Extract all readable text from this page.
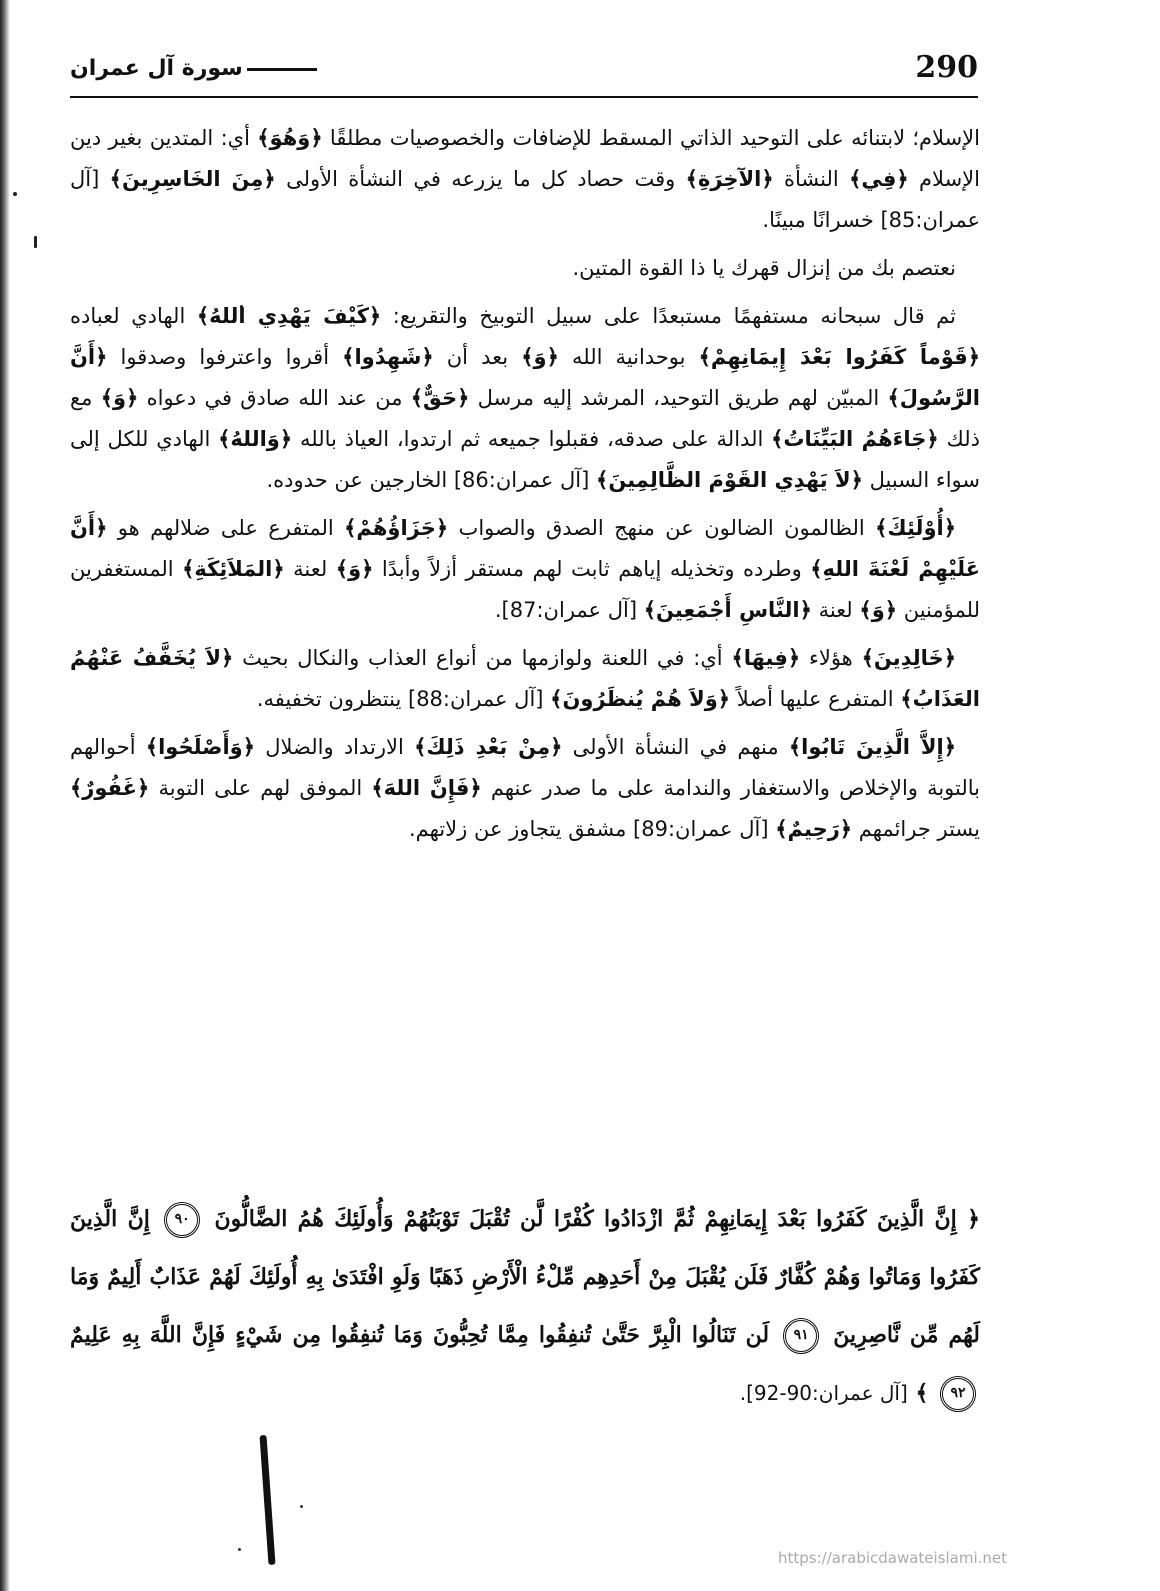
سورة آل عمران	290

الإسلام؛ لابتنائه على التوحيد الذاتي المسقط للإضافات والخصوصيات مطلقًا ﴿وَهُوَ﴾ أي: المتدين بغير دين الإسلام ﴿فِي﴾ النشأة ﴿الآخِرَةِ﴾ وقت حصاد كل ما يزرعه في النشأة الأولى ﴿مِنَ الخَاسِرِينَ﴾ [آل عمران:85] خسرانًا مبينًا.

نعتصم بك من إنزال قهرك يا ذا القوة المتين.

ثم قال سبحانه مستفهمًا مستبعدًا على سبيل التوبيخ والتقريع: ﴿كَيْفَ يَهْدِي اللهُ﴾ الهادي لعباده ﴿قَوْماً كَفَرُوا بَعْدَ إِيمَانِهِمْ﴾ بوحدانية الله ﴿وَ﴾ بعد أن ﴿شَهِدُوا﴾ أقروا واعترفوا وصدقوا ﴿أَنَّ الرَّسُولَ﴾ المبيّن لهم طريق التوحيد، المرشد إليه مرسل ﴿حَقٌّ﴾ من عند الله صادق في دعواه ﴿وَ﴾ مع ذلك ﴿جَاءَهُمُ البَيِّنَاتُ﴾ الدالة على صدقه، فقبلوا جميعه ثم ارتدوا، العياذ بالله ﴿وَاللهُ﴾ الهادي للكل إلى سواء السبيل ﴿لاَ يَهْدِي القَوْمَ الظَّالِمِينَ﴾ [آل عمران:86] الخارجين عن حدوده.

﴿أُوْلَئِكَ﴾ الظالمون الضالون عن منهج الصدق والصواب ﴿جَزَاؤُهُمْ﴾ المتفرع على ضلالهم هو ﴿أَنَّ عَلَيْهِمْ لَعْنَةَ اللهِ﴾ وطرده وتخذيله إياهم ثابت لهم مستقر أزلاً وأبدًا ﴿وَ﴾ لعنة ﴿المَلاَئِكَةِ﴾ المستغفرين للمؤمنين ﴿وَ﴾ لعنة ﴿النَّاسِ أَجْمَعِينَ﴾ [آل عمران:87].

﴿خَالِدِينَ﴾ هؤلاء ﴿فِيهَا﴾ أي: في اللعنة ولوازمها من أنواع العذاب والنكال بحيث ﴿لاَ يُخَفَّفُ عَنْهُمُ العَذَابُ﴾ المتفرع عليها أصلاً ﴿وَلاَ هُمْ يُنظَرُونَ﴾ [آل عمران:88] ينتظرون تخفيفه.

﴿إِلاَّ الَّذِينَ تَابُوا﴾ منهم في النشأة الأولى ﴿مِنْ بَعْدِ ذَلِكَ﴾ الارتداد والضلال ﴿وَأَصْلَحُوا﴾ أحوالهم بالتوبة والإخلاص والاستغفار والندامة على ما صدر عنهم ﴿فَإِنَّ اللهَ﴾ الموفق لهم على التوبة ﴿غَفُورٌ﴾ يستر جرائمهم ﴿رَحِيمٌ﴾ [آل عمران:89] مشفق يتجاوز عن زلاتهم.

﴿ إِنَّ الَّذِينَ كَفَرُوا بَعْدَ إِيمَانِهِمْ ثُمَّ ازْدَادُوا كُفْرًا لَّن تُقْبَلَ تَوْبَتُهُمْ وَأُولَئِكَ هُمُ الضَّالُّونَ ٩٠ إِنَّ الَّذِينَ كَفَرُوا وَمَاتُوا وَهُمْ كُفَّارٌ فَلَن يُقْبَلَ مِنْ أَحَدِهِم مِّلْءُ الْأَرْضِ ذَهَبًا وَلَوِ افْتَدَىٰ بِهِ أُولَئِكَ لَهُمْ عَذَابٌ أَلِيمٌ وَمَا لَهُم مِّن نَّاصِرِينَ ٩١ لَن تَنَالُوا الْبِرَّ حَتَّىٰ تُنفِقُوا مِمَّا تُحِبُّونَ وَمَا تُنفِقُوا مِن شَيْءٍ فَإِنَّ اللَّهَ بِهِ عَلِيمٌ ٩٢ ﴾ [آل عمران:90-92].
https://arabicdawateislami.net
